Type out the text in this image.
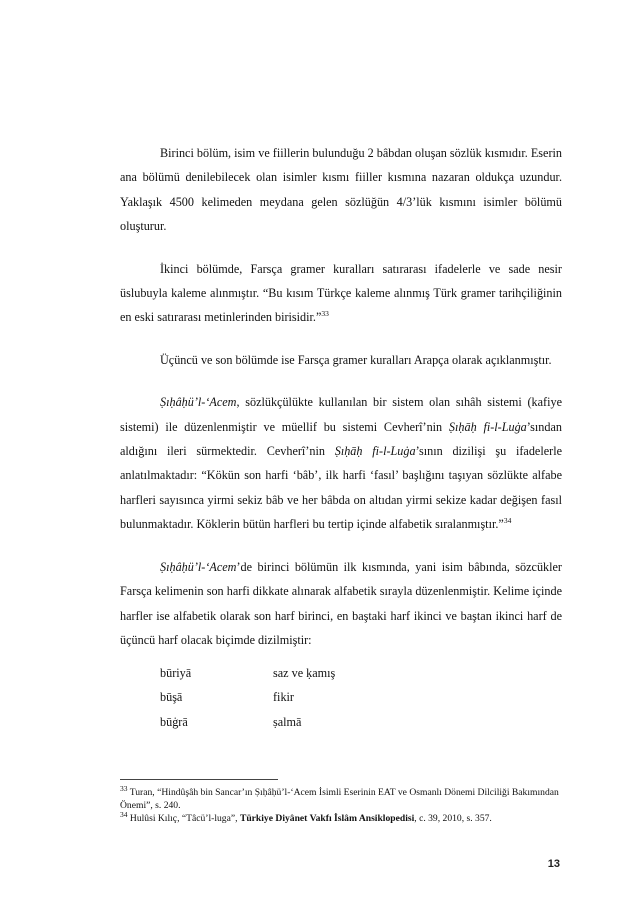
Birinci bölüm, isim ve fiillerin bulunduğu 2 bâbdan oluşan sözlük kısmıdır. Eserin ana bölümü denilebilecek olan isimler kısmı fiiller kısmına nazaran oldukça uzundur. Yaklaşık 4500 kelimeden meydana gelen sözlüğün 4/3’lük kısmını isimler bölümü oluşturur.

İkinci bölümde, Farsça gramer kuralları satırarası ifadelerle ve sade nesir üslubuyla kaleme alınmıştır. “Bu kısım Türkçe kaleme alınmış Türk gramer tarihçiliğinin en eski satırarası metinlerinden birisidir.”$^{33}$

Üçüncü ve son bölümde ise Farsça gramer kuralları Arapça olarak açıklanmıştır.

Ṣıḥâḥü’l-‘Acem, sözlükçülükte kullanılan bir sistem olan sıhâh sistemi (kafiye sistemi) ile düzenlenmiştir ve müellif bu sistemi Cevherî’nin Ṣıḥāḥ fi-l-Luġa’sından aldığını ileri sürmektedir. Cevherî’nin Ṣıḥāḥ fi-l-Luġa’sının dizilişi şu ifadelerle anlatılmaktadır: “Kökün son harfi ‘bâb’, ilk harfi ‘fasıl’ başlığını taşıyan sözlükte alfabe harfleri sayısınca yirmi sekiz bâb ve her bâbda on altıdan yirmi sekize kadar değişen fasıl bulunmaktadır. Köklerin bütün harfleri bu tertip içinde alfabetik sıralanmıştır.”$^{34}$

Ṣıḥâḥü’l-‘Acem’de birinci bölümün ilk kısmında, yani isim bâbında, sözcükler Farsça kelimenin son harfi dikkate alınarak alfabetik sırayla düzenlenmiştir. Kelime içinde harfler ise alfabetik olarak son harf birinci, en baştaki harf ikinci ve baştan ikinci harf de üçüncü harf olacak biçimde dizilmiştir:

būriyā	saz ve ḳamış
būşā	fikir
būġrā	ṣalmā

$^{33}$ Turan, “Hindûşâh bin Sancar’ın Ṣıḥâḥü’l-‘Acem İsimli Eserinin EAT ve Osmanlı Dönemi Dilciliği Bakımından Önemi”, s. 240.

$^{34}$ Hulûsi Kılıç, “Tâcü’l-luga”, Türkiye Diyânet Vakfı İslâm Ansiklopedisi, c. 39, 2010, s. 357.

13
